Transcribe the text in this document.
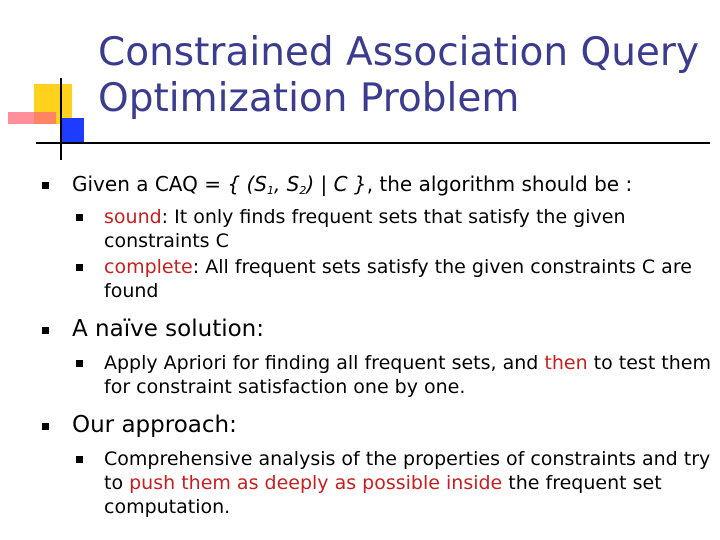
Constrained Association Query
Optimization Problem
Given a CAQ = { ($S_1$, $S_2$) | C }, the algorithm should be :
sound: It only finds frequent sets that satisfy the given constraints C
complete: All frequent sets satisfy the given constraints C are found
A naïve solution:
Apply Apriori for finding all frequent sets, and then to test them for constraint satisfaction one by one.
Our approach:
Comprehensive analysis of the properties of constraints and try to push them as deeply as possible inside the frequent set computation.
